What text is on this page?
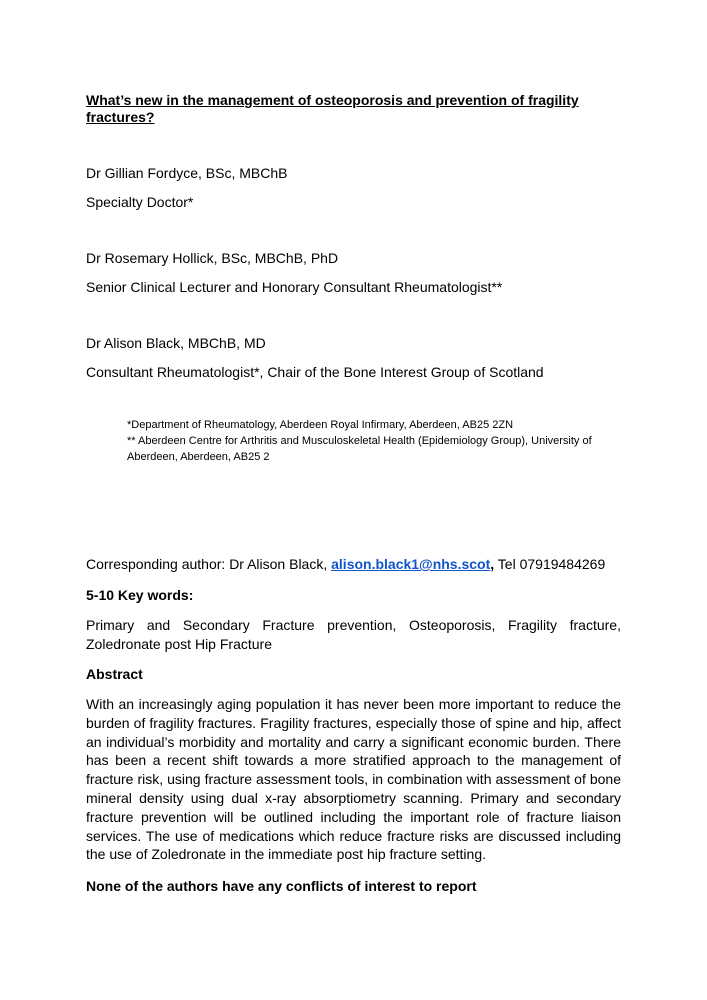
What’s new in the management of osteoporosis and prevention of fragility fractures?
Dr Gillian Fordyce, BSc, MBChB
Specialty Doctor*
Dr Rosemary Hollick, BSc, MBChB, PhD
Senior Clinical Lecturer and Honorary Consultant Rheumatologist**
Dr Alison Black, MBChB, MD
Consultant Rheumatologist*, Chair of the Bone Interest Group of Scotland

*Department of Rheumatology, Aberdeen Royal Infirmary, Aberdeen, AB25 2ZN

** Aberdeen Centre for Arthritis and Musculoskeletal Health (Epidemiology Group), University of Aberdeen, Aberdeen, AB25 2

Corresponding author: Dr Alison Black, alison.black1@nhs.scot, Tel 07919484269
5-10 Key words:

Primary and Secondary Fracture prevention, Osteoporosis, Fragility fracture, Zoledronate post Hip Fracture

Abstract

With an increasingly aging population it has never been more important to reduce the burden of fragility fractures. Fragility fractures, especially those of spine and hip, affect an individual’s morbidity and mortality and carry a significant economic burden. There has been a recent shift towards a more stratified approach to the management of fracture risk, using fracture assessment tools, in combination with assessment of bone mineral density using dual x-ray absorptiometry scanning. Primary and secondary fracture prevention will be outlined including the important role of fracture liaison services. The use of medications which reduce fracture risks are discussed including the use of Zoledronate in the immediate post hip fracture setting.

None of the authors have any conflicts of interest to report
